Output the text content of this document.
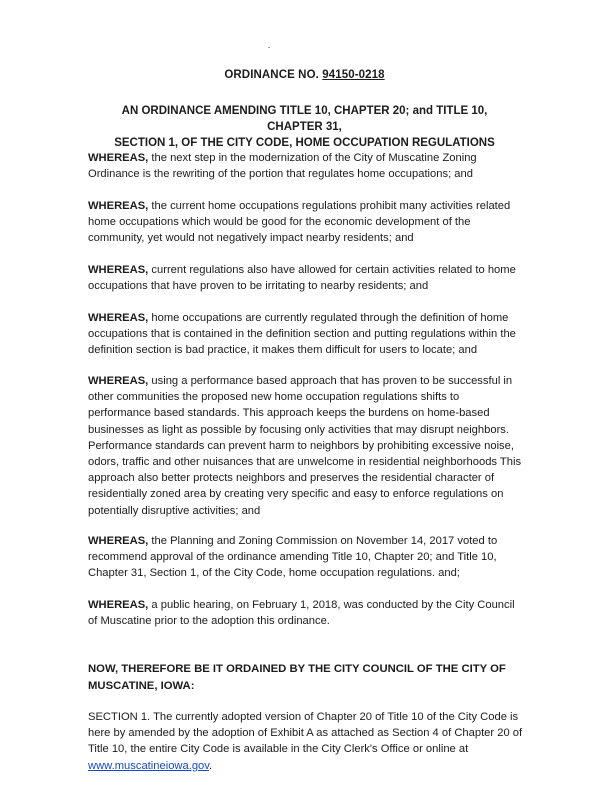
ORDINANCE NO. 94150-0218
AN ORDINANCE AMENDING TITLE 10, CHAPTER 20; and TITLE 10, CHAPTER 31,
SECTION 1, OF THE CITY CODE, HOME OCCUPATION REGULATIONS

WHEREAS, the next step in the modernization of the City of Muscatine Zoning Ordinance is the rewriting of the portion that regulates home occupations; and

WHEREAS, the current home occupations regulations prohibit many activities related home occupations which would be good for the economic development of the community, yet would not negatively impact nearby residents; and

WHEREAS, current regulations also have allowed for certain activities related to home occupations that have proven to be irritating to nearby residents; and

WHEREAS, home occupations are currently regulated through the definition of home occupations that is contained in the definition section and putting regulations within the definition section is bad practice, it makes them difficult for users to locate; and

WHEREAS, using a performance based approach that has proven to be successful in other communities the proposed new home occupation regulations shifts to performance based standards. This approach keeps the burdens on home-based businesses as light as possible by focusing only activities that may disrupt neighbors. Performance standards can prevent harm to neighbors by prohibiting excessive noise, odors, traffic and other nuisances that are unwelcome in residential neighborhoods This approach also better protects neighbors and preserves the residential character of residentially zoned area by creating very specific and easy to enforce regulations on potentially disruptive activities; and

WHEREAS, the Planning and Zoning Commission on November 14, 2017 voted to recommend approval of the ordinance amending Title 10, Chapter 20; and Title 10, Chapter 31, Section 1, of the City Code, home occupation regulations. and;

WHEREAS, a public hearing, on February 1, 2018, was conducted by the City Council of Muscatine prior to the adoption this ordinance.

NOW, THEREFORE BE IT ORDAINED BY THE CITY COUNCIL OF THE CITY OF MUSCATINE, IOWA:

SECTION 1. The currently adopted version of Chapter 20 of Title 10 of the City Code is here by amended by the adoption of Exhibit A as attached as Section 4 of Chapter 20 of Title 10, the entire City Code is available in the City Clerk's Office or online at www.muscatineiowa.gov.
